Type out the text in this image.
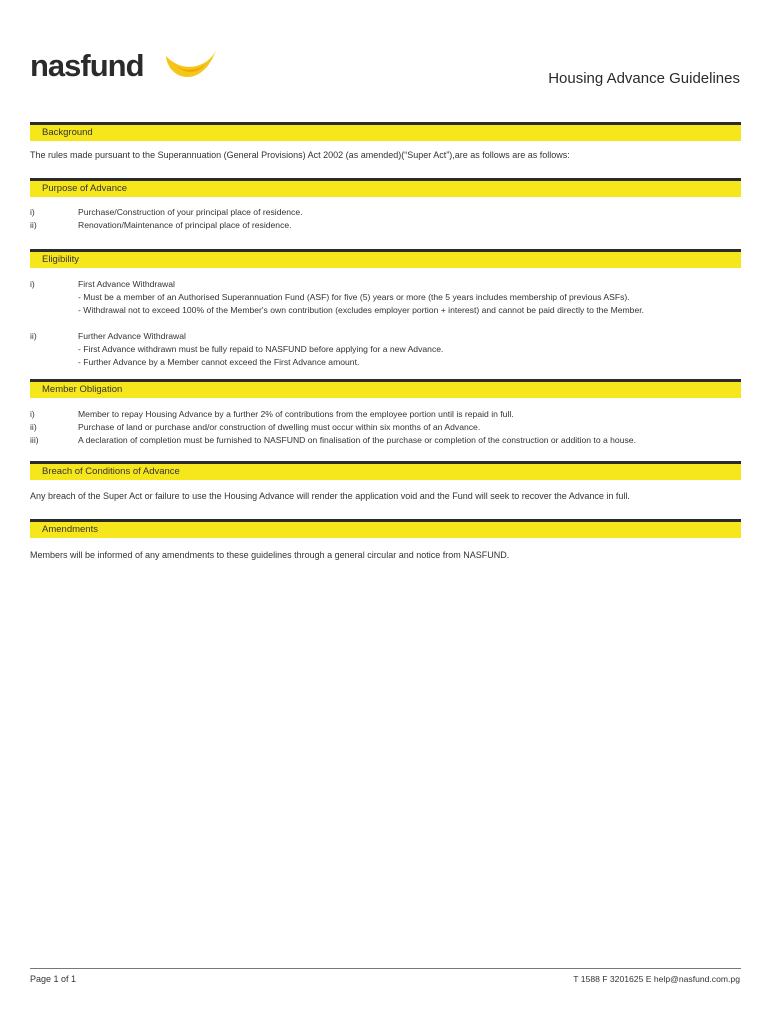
nasfund	Housing Advance Guidelines
Background
The rules made pursuant to the Superannuation (General Provisions) Act 2002 (as amended)(“Super Act”),are as follows are as follows:
Purpose of Advance
i)	Purchase/Construction of your principal place of residence.
ii)	Renovation/Maintenance of principal place of residence.
Eligibility
i)	First Advance Withdrawal
- Must be a member of an Authorised Superannuation Fund (ASF) for five (5) years or more (the 5 years includes membership of previous ASFs).
- Withdrawal not to exceed 100% of the Member's own contribution (excludes employer portion + interest) and cannot be paid directly to the Member.
ii)	Further Advance Withdrawal
- First Advance withdrawn must be fully repaid to NASFUND before applying for a new Advance.
- Further Advance by a Member cannot exceed the First Advance amount.
Member Obligation
i)	Member to repay Housing Advance by a further 2% of contributions from the employee portion until is repaid in full.
ii)	Purchase of land or purchase and/or construction of dwelling must occur within six months of an Advance.
iii)	A declaration of completion must be furnished to NASFUND on finalisation of the purchase or completion of the construction or addition to a house.
Breach of Conditions of Advance
Any breach of the Super Act or failure to use the Housing Advance will render the application void and the Fund will seek to recover the Advance in full.
Amendments
Members will be informed of any amendments to these guidelines through a general circular and notice from NASFUND.
Page 1 of 1	T 1588 F 3201625 E help@nasfund.com.pg
